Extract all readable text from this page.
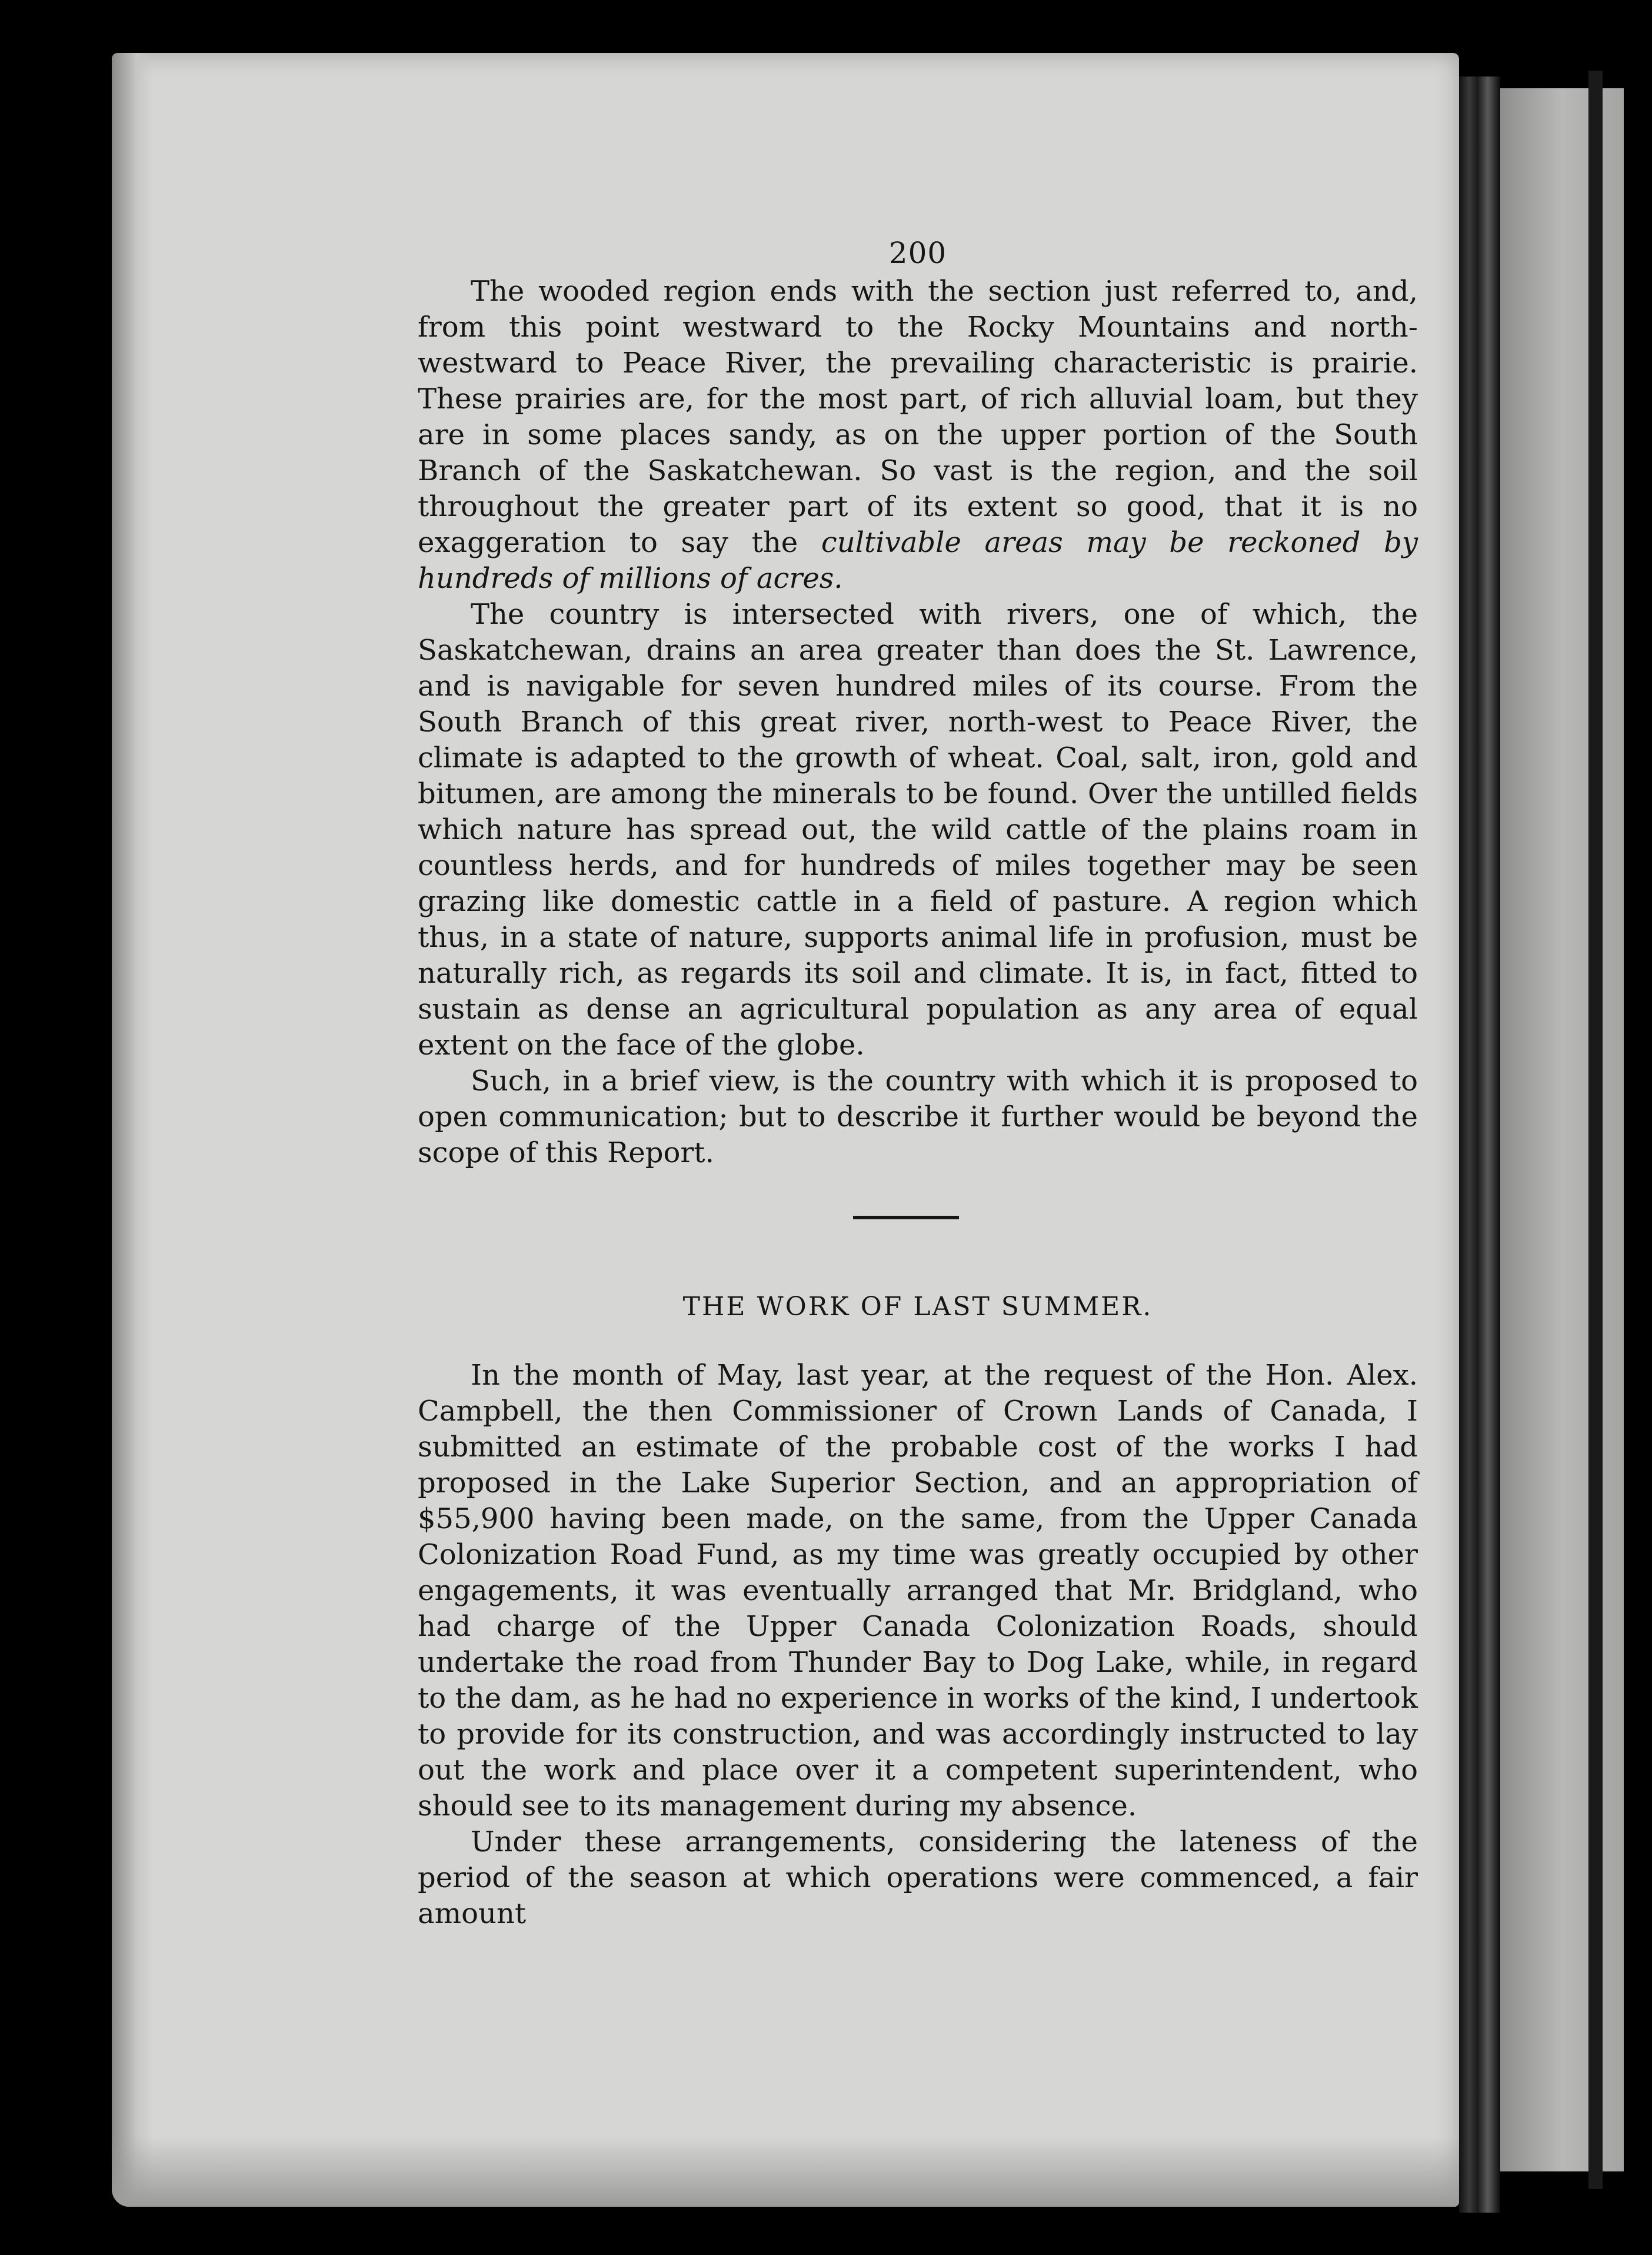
200

The wooded region ends with the section just referred to, and, from this point westward to the Rocky Mountains and north-westward to Peace River, the prevailing characteristic is prairie. These prairies are, for the most part, of rich alluvial loam, but they are in some places sandy, as on the upper portion of the South Branch of the Saskatchewan. So vast is the region, and the soil throughout the greater part of its extent so good, that it is no exaggeration to say the cultivable areas may be reckoned by hundreds of millions of acres.

The country is intersected with rivers, one of which, the Saskatchewan, drains an area greater than does the St. Lawrence, and is navigable for seven hundred miles of its course. From the South Branch of this great river, north-west to Peace River, the climate is adapted to the growth of wheat. Coal, salt, iron, gold and bitumen, are among the minerals to be found. Over the untilled fields which nature has spread out, the wild cattle of the plains roam in countless herds, and for hundreds of miles together may be seen grazing like domestic cattle in a field of pasture. A region which thus, in a state of nature, supports animal life in profusion, must be naturally rich, as regards its soil and climate. It is, in fact, fitted to sustain as dense an agricultural population as any area of equal extent on the face of the globe.

Such, in a brief view, is the country with which it is proposed to open communication; but to describe it further would be beyond the scope of this Report.

THE WORK OF LAST SUMMER.

In the month of May, last year, at the request of the Hon. Alex. Campbell, the then Commissioner of Crown Lands of Canada, I submitted an estimate of the probable cost of the works I had proposed in the Lake Superior Section, and an appropriation of $55,900 having been made, on the same, from the Upper Canada Colonization Road Fund, as my time was greatly occupied by other engagements, it was eventually arranged that Mr. Bridgland, who had charge of the Upper Canada Colonization Roads, should undertake the road from Thunder Bay to Dog Lake, while, in regard to the dam, as he had no experience in works of the kind, I undertook to provide for its construction, and was accordingly instructed to lay out the work and place over it a competent superintendent, who should see to its management during my absence.

Under these arrangements, considering the lateness of the period of the season at which operations were commenced, a fair amount
